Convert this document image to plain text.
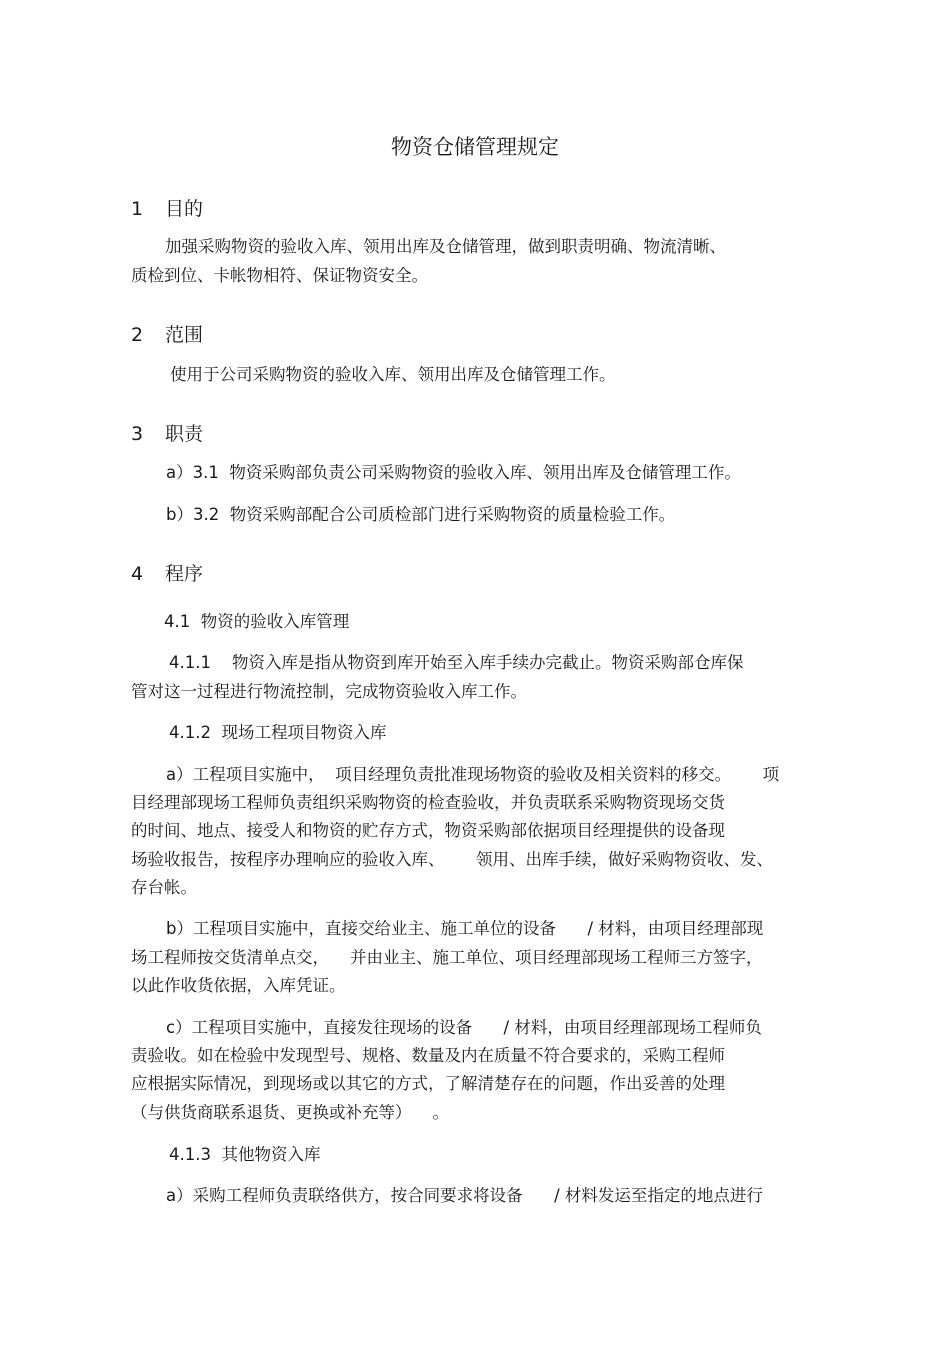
物资仓储管理规定
1 目的
加强采购物资的验收入库、领用出库及仓储管理，做到职责明确、物流清晰、
质检到位、卡帐物相符、保证物资安全。
2 范围
使用于公司采购物资的验收入库、领用出库及仓储管理工作。
3 职责
a）3.1  物资采购部负责公司采购物资的验收入库、领用出库及仓储管理工作。
b）3.2  物资采购部配合公司质检部门进行采购物资的质量检验工作。
4 程序
4.1  物资的验收入库管理
4.1.1    物资入库是指从物资到库开始至入库手续办完截止。物资采购部仓库保
管对这一过程进行物流控制，完成物资验收入库工作。
4.1.2  现场工程项目物资入库
a）工程项目实施中，  项目经理负责批准现场物资的验收及相关资料的移交。      项
目经理部现场工程师负责组织采购物资的检查验收，并负责联系采购物资现场交货
的时间、地点、接受人和物资的贮存方式，物资采购部依据项目经理提供的设备现
场验收报告，按程序办理响应的验收入库、      领用、出库手续，做好采购物资收、发、
存台帐。
b）工程项目实施中，直接交给业主、施工单位的设备      / 材料，由项目经理部现
场工程师按交货清单点交，    并由业主、施工单位、项目经理部现场工程师三方签字，
以此作收货依据，入库凭证。
c）工程项目实施中，直接发往现场的设备      / 材料，由项目经理部现场工程师负
责验收。如在检验中发现型号、规格、数量及内在质量不符合要求的，采购工程师
应根据实际情况，到现场或以其它的方式，了解清楚存在的问题，作出妥善的处理
（与供货商联系退货、更换或补充等）    。
4.1.3  其他物资入库
a）采购工程师负责联络供方，按合同要求将设备      / 材料发运至指定的地点进行
